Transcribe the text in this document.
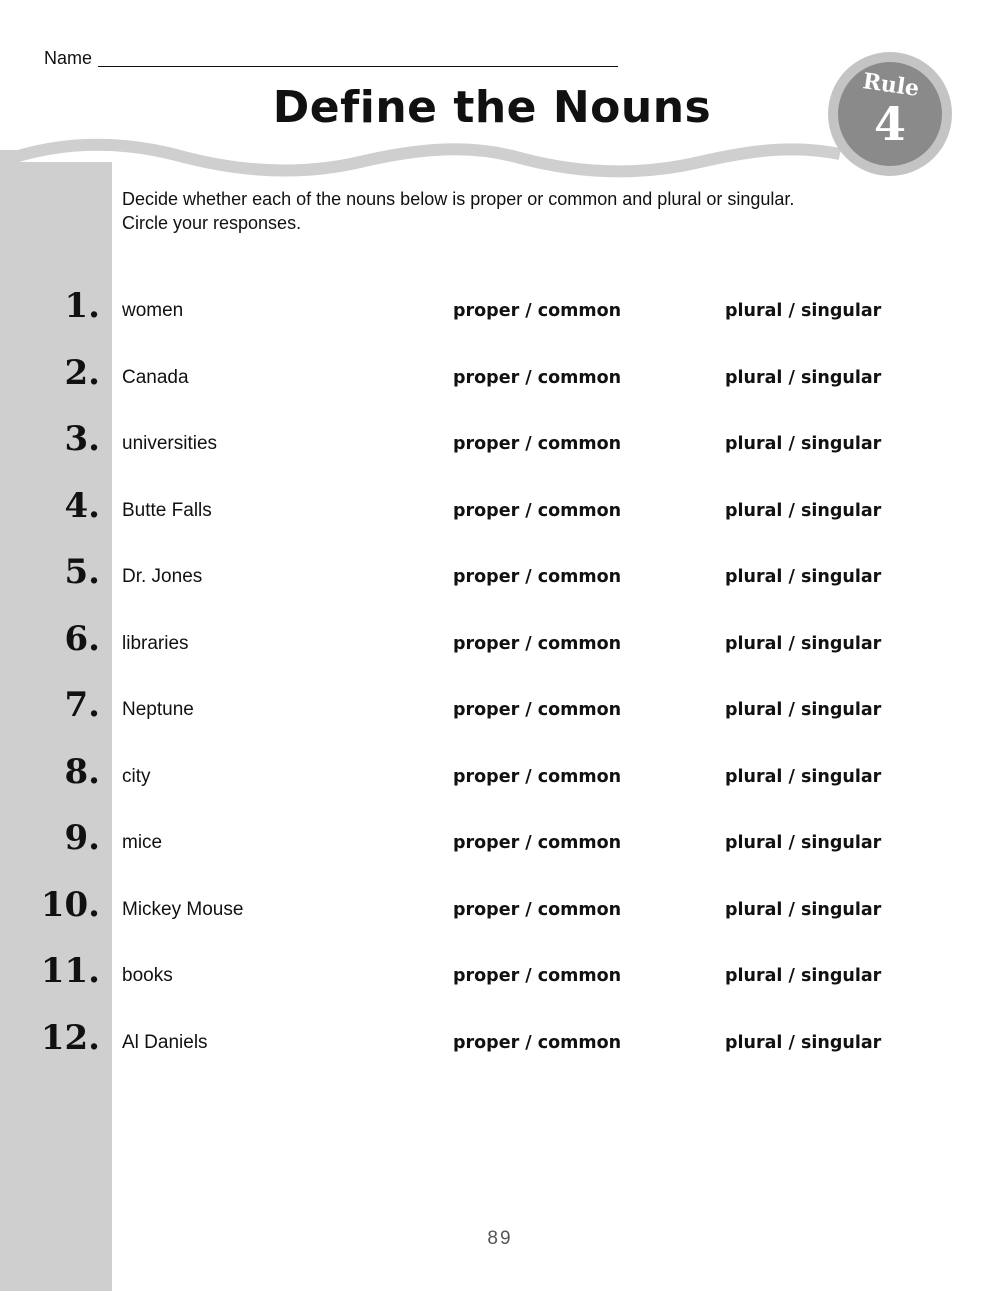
Name
Define the Nouns	Rule
4
Decide whether each of the nouns below is proper or common and plural or singular.
Circle your responses.
1. women	proper / common	plural / singular
2. Canada	proper / common	plural / singular
3. universities	proper / common	plural / singular
4. Butte Falls	proper / common	plural / singular
5. Dr. Jones	proper / common	plural / singular
6. libraries	proper / common	plural / singular
7. Neptune	proper / common	plural / singular
8. city	proper / common	plural / singular
9. mice	proper / common	plural / singular
10. Mickey Mouse	proper / common	plural / singular
11. books	proper / common	plural / singular
12. Al Daniels	proper / common	plural / singular
89
